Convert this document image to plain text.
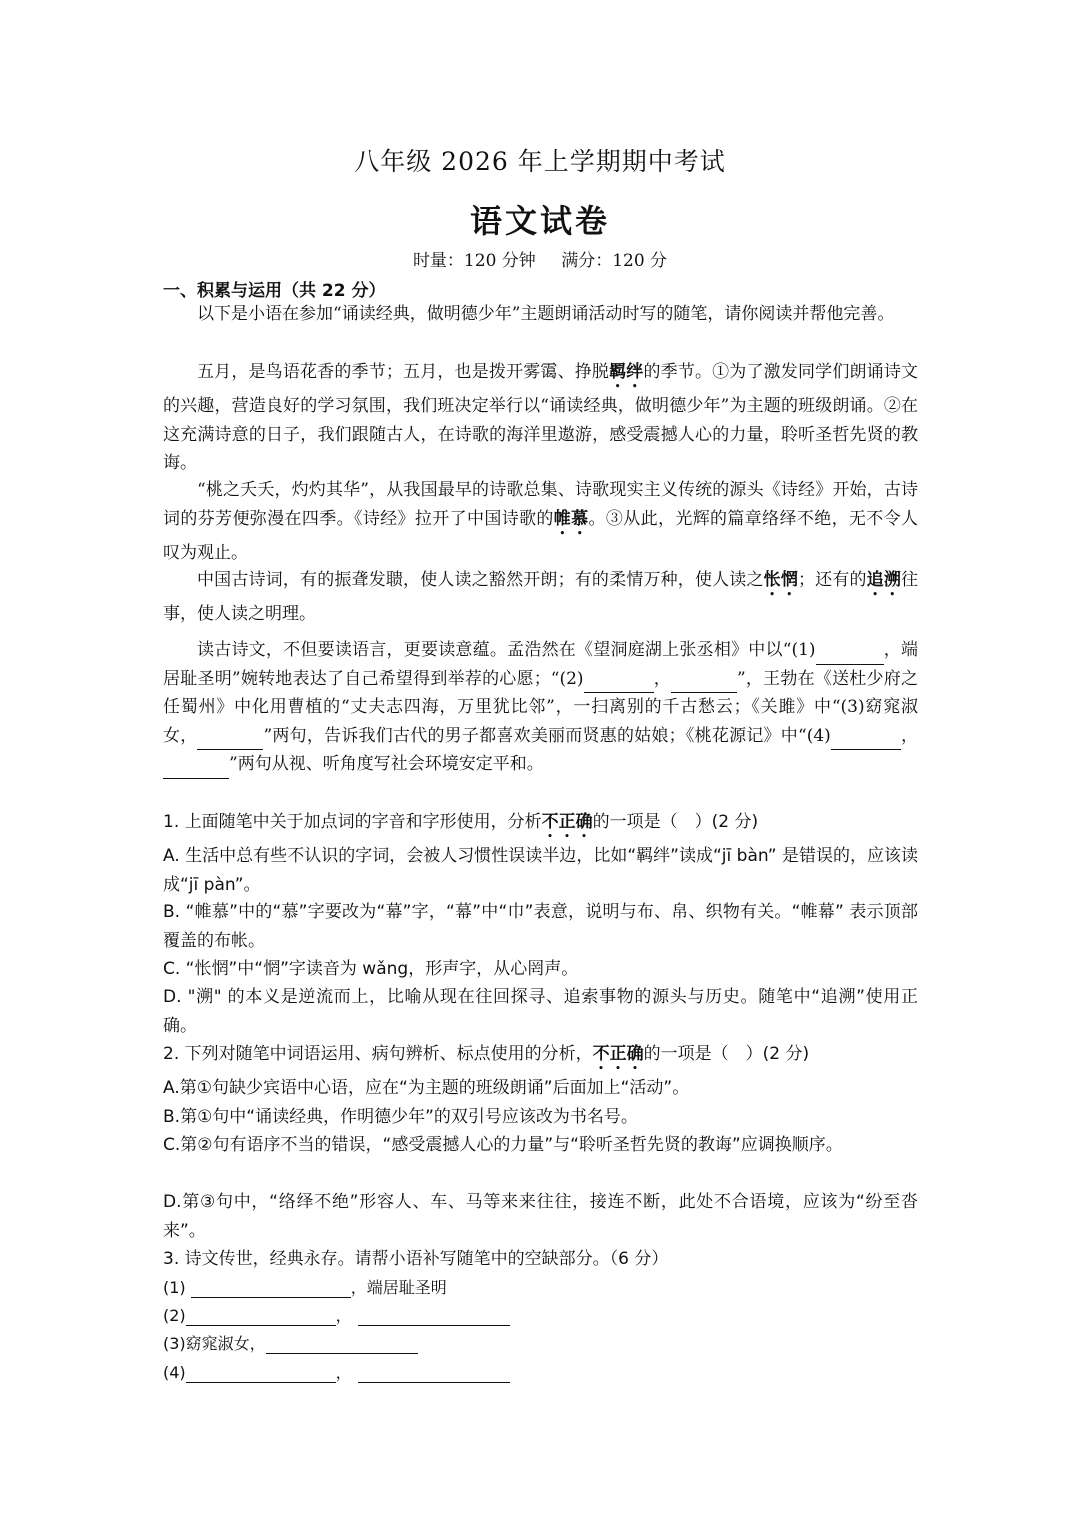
八年级 2026 年上学期期中考试
语文试卷
时量：120 分钟 满分：120 分
一、积累与运用（共 22 分）
以下是小语在参加“诵读经典，做明德少年”主题朗诵活动时写的随笔，请你阅读并帮他完善。
五月，是鸟语花香的季节；五月，也是拨开雾霭、挣脱羁绊的季节。①为了激发同学们朗诵诗文的兴趣，营造良好的学习氛围，我们班决定举行以“诵读经典，做明德少年”为主题的班级朗诵。②在这充满诗意的日子，我们跟随古人，在诗歌的海洋里遨游，感受震撼人心的力量，聆听圣哲先贤的教诲。
“桃之夭夭，灼灼其华”，从我国最早的诗歌总集、诗歌现实主义传统的源头《诗经》开始，古诗词的芬芳便弥漫在四季。《诗经》拉开了中国诗歌的帷慕。③从此，光辉的篇章络绎不绝，无不令人叹为观止。
中国古诗词，有的振聋发聩，使人读之豁然开朗；有的柔情万种，使人读之怅惘；还有的追溯往事，使人读之明理。
读古诗文，不但要读语言，更要读意蕴。孟浩然在《望洞庭湖上张丞相》中以“(1)	，端居耻圣明”婉转地表达了自己希望得到举荐的心愿；“(2)	，	”，王勃在《送杜少府之任蜀州》中化用曹植的“丈夫志四海，万里犹比邻”，一扫离别的千古愁云；《关雎》中“(3)窈窕淑女，	”两句，告诉我们古代的男子都喜欢美丽而贤惠的姑娘；《桃花源记》中“(4)	，”两句从视、听角度写社会环境安定平和。
1. 上面随笔中关于加点词的字音和字形使用，分析不正确的一项是（　）(2 分)
A. 生活中总有些不认识的字词，会被人习惯性误读半边，比如“羁绊”读成“jī bàn” 是错误的，应该读成“jī pàn”。
B. “帷慕”中的“慕”字要改为“幕”字，“幕”中“巾”表意，说明与布、帛、织物有关。“帷幕” 表示顶部覆盖的布帐。
C. “怅惘”中“惘”字读音为 wǎng，形声字，从心罔声。
D. "溯" 的本义是逆流而上，比喻从现在往回探寻、追索事物的源头与历史。随笔中“追溯”使用正确。
2. 下列对随笔中词语运用、病句辨析、标点使用的分析，不正确的一项是（　）(2 分)
A.第①句缺少宾语中心语，应在“为主题的班级朗诵”后面加上“活动”。
B.第①句中“诵读经典，作明德少年”的双引号应该改为书名号。
C.第②句有语序不当的错误，“感受震撼人心的力量”与“聆听圣哲先贤的教诲”应调换顺序。
D.第③句中，“络绎不绝”形容人、车、马等来来往往，接连不断，此处不合语境，应该为“纷至沓来”。
3. 诗文传世，经典永存。请帮小语补写随笔中的空缺部分。（6 分）
(1)	，端居耻圣明
(2)	，
(3)窈窕淑女，
(4)	，
